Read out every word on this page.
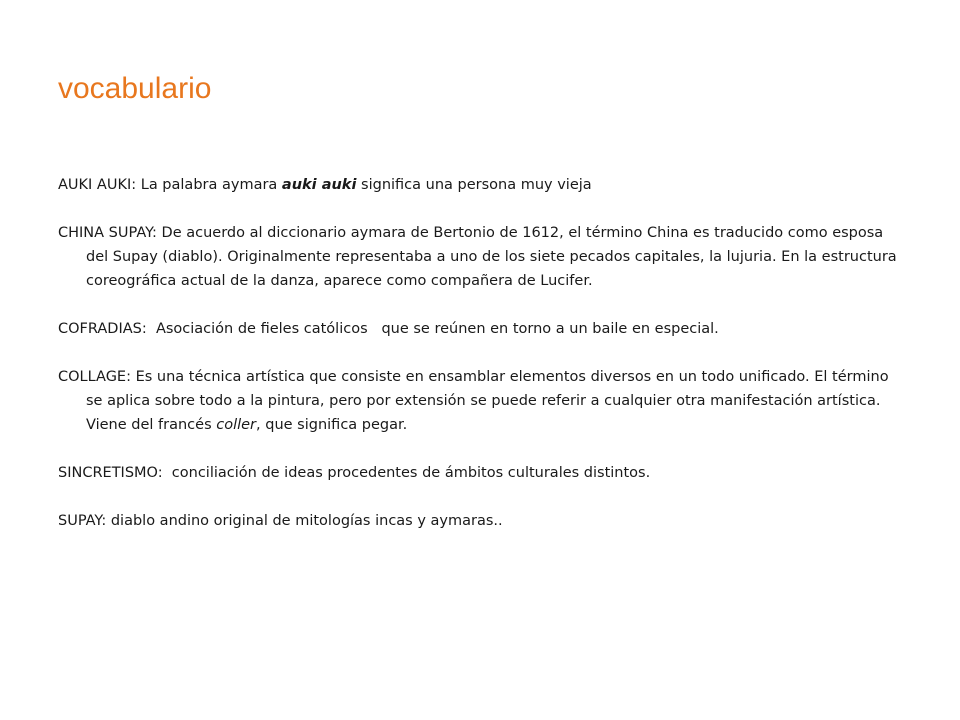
vocabulario
AUKI AUKI: La palabra aymara auki auki significa una persona muy vieja
CHINA SUPAY: De acuerdo al diccionario aymara de Bertonio de 1612, el término China es traducido como esposa del Supay (diablo). Originalmente representaba a uno de los siete pecados capitales, la lujuria. En la estructura coreográfica actual de la danza, aparece como compañera de Lucifer.
COFRADIAS:  Asociación de fieles católicos   que se reúnen en torno a un baile en especial.
COLLAGE: Es una técnica artística que consiste en ensamblar elementos diversos en un todo unificado. El término se aplica sobre todo a la pintura, pero por extensión se puede referir a cualquier otra manifestación artística. Viene del francés coller, que significa pegar.
SINCRETISMO:  conciliación de ideas procedentes de ámbitos culturales distintos.
SUPAY: diablo andino original de mitologías incas y aymaras..
